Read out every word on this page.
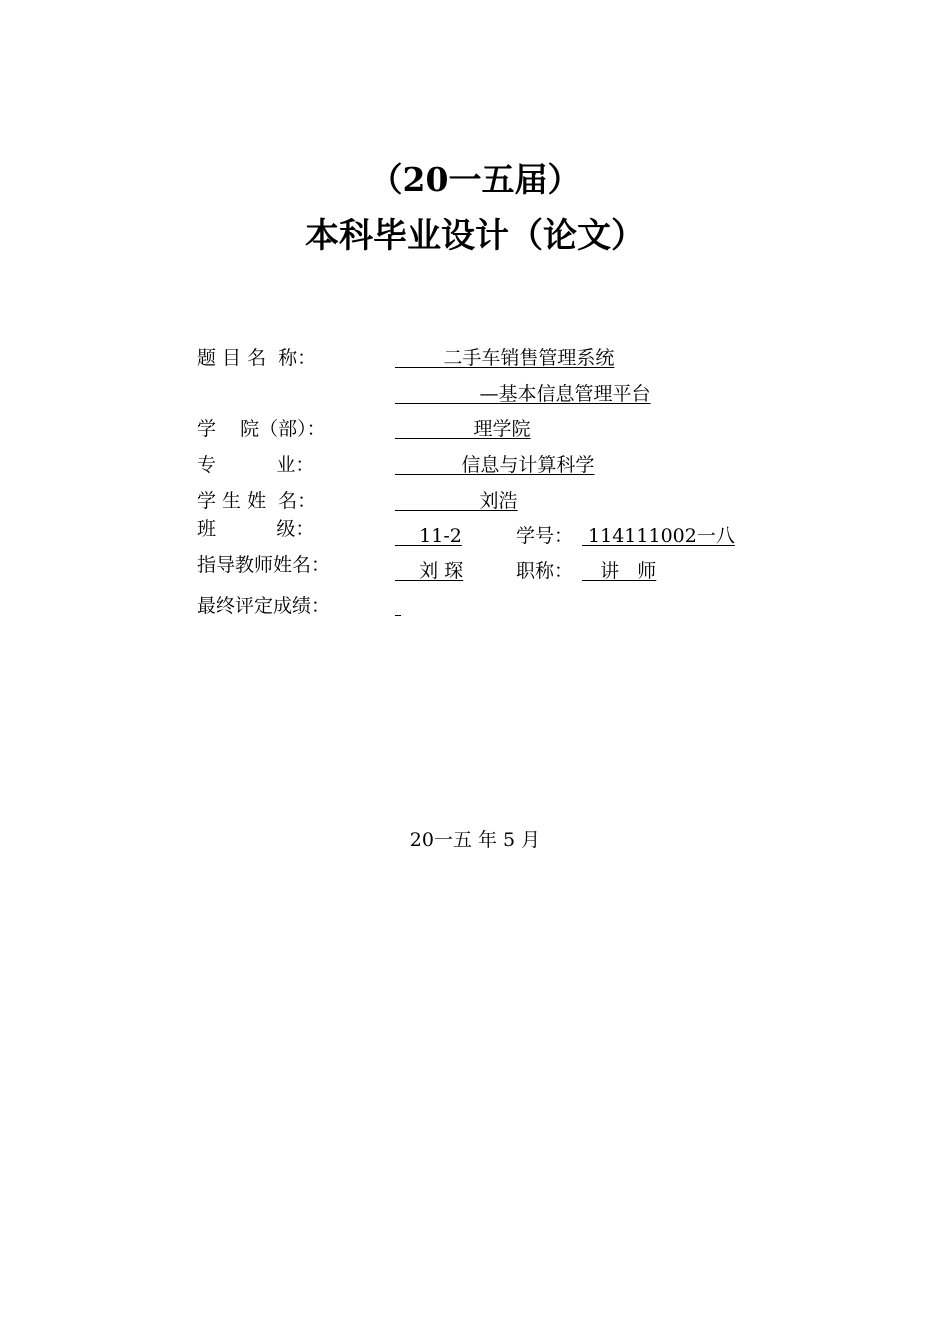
（20一五届）
本科毕业设计（论文）
题 目 名  称：	二手车销售管理系统
—基本信息管理平台
学    院（部）：	理学院
专          业：	信息与计算科学
学 生 姓  名：	刘浩
班          级：	11-2	学号： 114111002一八
指导教师姓名：	刘 琛	职称： 讲   师
最终评定成绩：

20一五 年 5 月
